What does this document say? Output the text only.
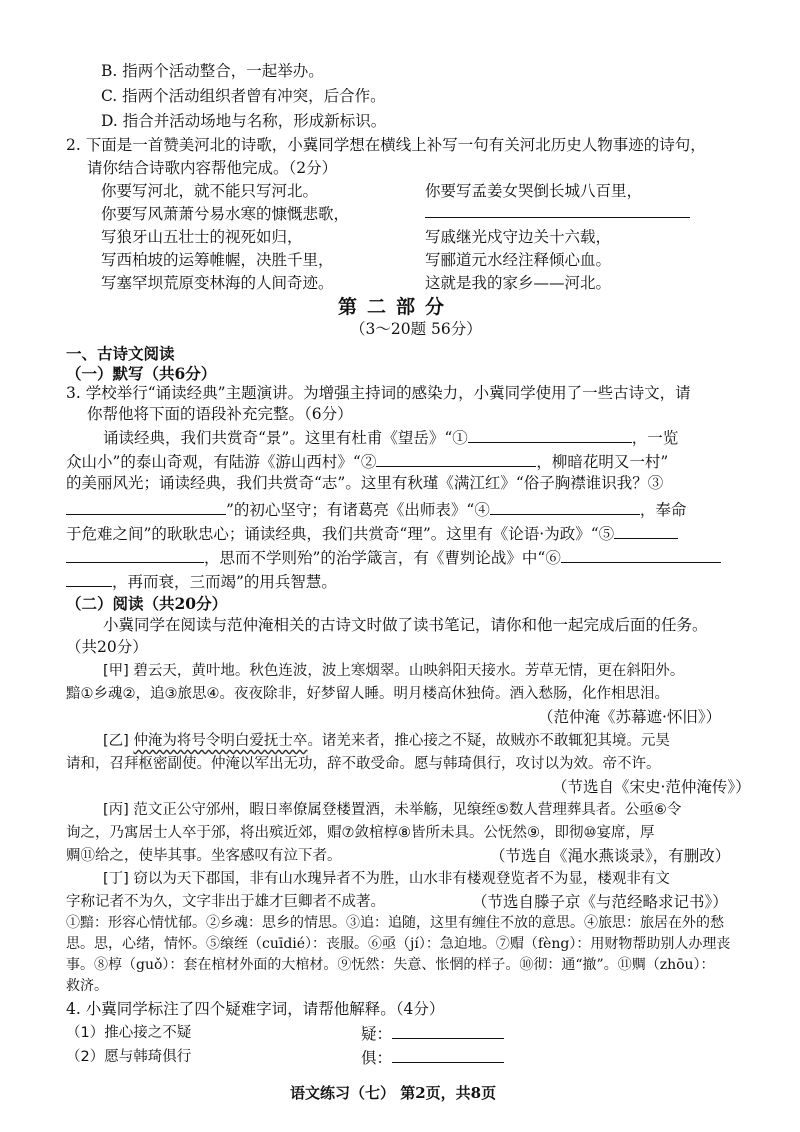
B. 指两个活动整合，一起举办。
C. 指两个活动组织者曾有冲突，后合作。
D. 指合并活动场地与名称，形成新标识。
2. 下面是一首赞美河北的诗歌，小冀同学想在横线上补写一句有关河北历史人物事迹的诗句，
请你结合诗歌内容帮他完成。（2分）
你要写河北，就不能只写河北。
你要写风萧萧兮易水寒的慷慨悲歌，
写狼牙山五壮士的视死如归，
写西柏坡的运筹帷幄，决胜千里，
写塞罕坝荒原变林海的人间奇迹。
你要写孟姜女哭倒长城八百里，
写戚继光戍守边关十六载，
写郦道元水经注释倾心血。
这就是我的家乡——河北。
第二部分
（3～20题 56分）
一、古诗文阅读
（一）默写（共6分）
3. 学校举行“诵读经典”主题演讲。为增强主持词的感染力，小冀同学使用了一些古诗文，请
你帮他将下面的语段补充完整。（6分）
诵读经典，我们共赏奇“景”。这里有杜甫《望岳》“①	，一览
众山小”的泰山奇观，有陆游《游山西村》“②	，柳暗花明又一村”
的美丽风光；诵读经典，我们共赏奇“志”。这里有秋瑾《满江红》“俗子胸襟谁识我？③
”的初心坚守；有诸葛亮《出师表》“④	，奉命
于危难之间”的耿耿忠心；诵读经典，我们共赏奇“理”。这里有《论语·为政》“⑤
，思而不学则殆”的治学箴言，有《曹刿论战》中“⑥
，再而衰，三而竭”的用兵智慧。
（二）阅读（共20分）
小冀同学在阅读与范仲淹相关的古诗文时做了读书笔记，请你和他一起完成后面的任务。
（共20分）
[甲] 碧云天，黄叶地。秋色连波，波上寒烟翠。山映斜阳天接水。芳草无情，更在斜阳外。
黯①乡魂②，追③旅思④。夜夜除非，好梦留人睡。明月楼高休独倚。酒入愁肠，化作相思泪。
（范仲淹《苏幕遮·怀旧》）
[乙] 仲淹为将号令明白爱抚士卒。诸羌来者，推心接之不疑，故贼亦不敢辄犯其境。元昊
请和，召拜枢密副使。仲淹以军出无功，辞不敢受命。愿与韩琦俱行，攻讨以为效。帝不许。
（节选自《宋史·范仲淹传》）
[丙] 范文正公守邠州，暇日率僚属登楼置酒，未举觞，见缞绖⑤数人营理葬具者。公亟⑥令
询之，乃寓居士人卒于邠，将出殡近郊，赗⑦敛棺椁⑧皆所未具。公怃然⑨，即彻⑩宴席，厚
赒⑪给之，使毕其事。坐客感叹有泣下者。	（节选自《渑水燕谈录》，有删改）
[丁] 窃以为天下郡国，非有山水瑰异者不为胜，山水非有楼观登览者不为显，楼观非有文
字称记者不为久，文字非出于雄才巨卿者不成著。	（节选自滕子京《与范经略求记书》）
①黯：形容心情忧郁。②乡魂：思乡的情思。③追：追随，这里有缠住不放的意思。④旅思：旅居在外的愁
思。思，心绪，情怀。⑤缞绖（cuīdié）：丧服。⑥亟（jí）：急迫地。⑦赗（fèng）：用财物帮助别人办理丧
事。⑧椁（guǒ）：套在棺材外面的大棺材。⑨怃然：失意、怅惘的样子。⑩彻：通“撤”。⑪赒（zhōu）：
救济。
4. 小冀同学标注了四个疑难字词，请帮他解释。（4分）
（1）推心接之不疑	疑：
（2）愿与韩琦俱行	俱：
语文练习（七） 第2页，共8页
